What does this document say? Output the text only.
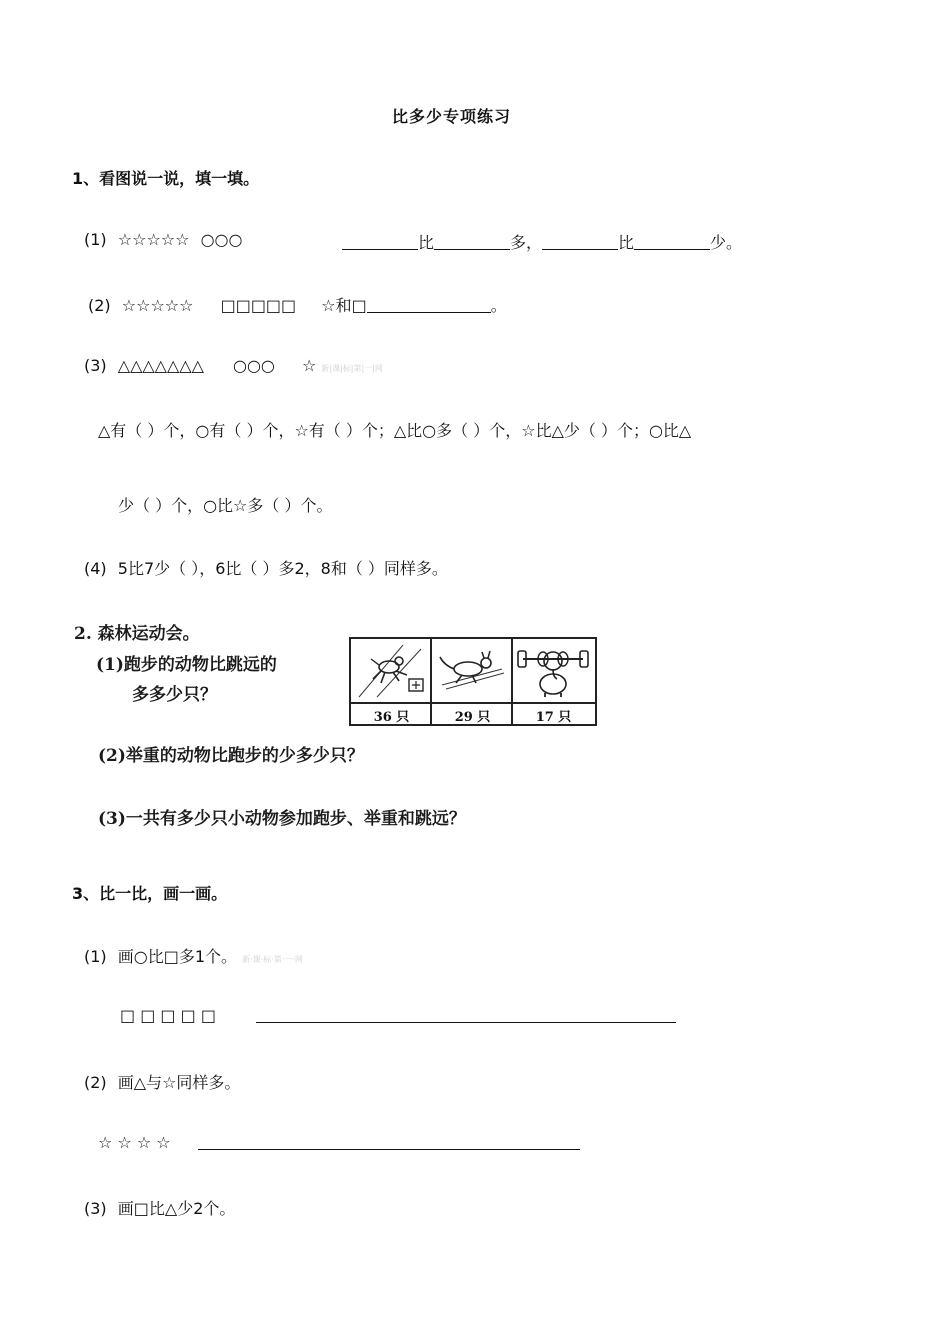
比多少专项练习
1、看图说一说，填一填。
(1) ☆☆☆☆☆ ○○○	比	多，	比	少。
(2) ☆☆☆☆☆ □□□□□ ☆和□	。
(3) △△△△△△△ ○○○ ☆ 新|课|标|第|一|网
△有（ ）个，○有（ ）个，☆有（ ）个；△比○多（ ）个，☆比△少（ ）个；○比△
少（ ）个，○比☆多（ ）个。
(4) 5比7少（ ），6比（ ）多2，8和（ ）同样多。
2. 森林运动会。
(1)跑步的动物比跳远的
多多少只？
36 只	29 只	17 只
(2)举重的动物比跑步的少多少只？
(3)一共有多少只小动物参加跑步、举重和跳远？
3、比一比，画一画。
(1) 画○比□多1个。 新·课·标·第·一·网
□ □ □ □ □
(2) 画△与☆同样多。
☆ ☆ ☆ ☆
(3) 画□比△少2个。
